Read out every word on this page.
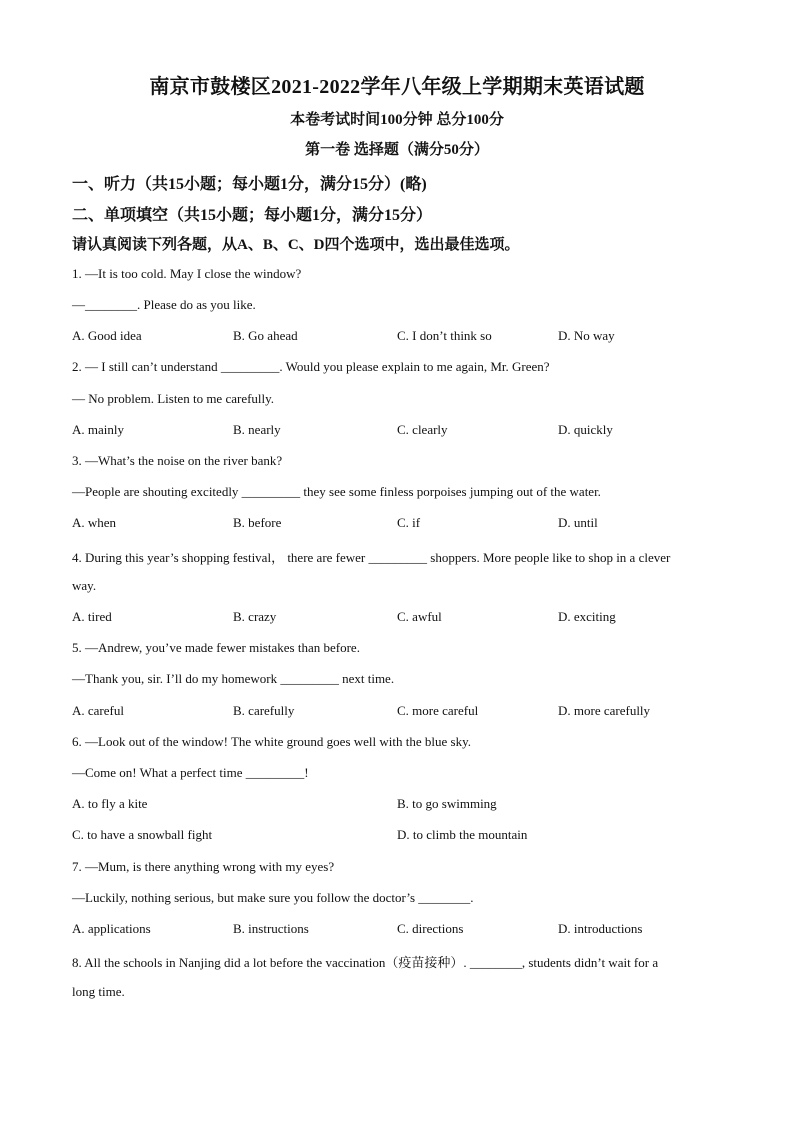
南京市鼓楼区2021-2022学年八年级上学期期末英语试题
本卷考试时间100分钟 总分100分
第一卷 选择题（满分50分）
一、听力（共15小题；每小题1分，满分15分）(略)
二、单项填空（共15小题；每小题1分，满分15分）
请认真阅读下列各题，从A、B、C、D四个选项中，选出最佳选项。
1. —It is too cold. May I close the window?
—________. Please do as you like.
A. Good idea	B. Go ahead	C. I don’t think so	D. No way
2. — I still can’t understand _________. Would you please explain to me again, Mr. Green?
— No problem. Listen to me carefully.
A. mainly	B. nearly	C. clearly	D. quickly
3. —What’s the noise on the river bank?
—People are shouting excitedly _________ they see some finless porpoises jumping out of the water.
A. when	B. before	C. if	D. until
4. During this year’s shopping festival， there are fewer _________ shoppers. More people like to shop in a clever
way.
A. tired	B. crazy	C. awful	D. exciting
5. —Andrew, you’ve made fewer mistakes than before.
—Thank you, sir. I’ll do my homework _________ next time.
A. careful	B. carefully	C. more careful	D. more carefully
6. —Look out of the window! The white ground goes well with the blue sky.
—Come on! What a perfect time _________!
A. to fly a kite	B. to go swimming
C. to have a snowball fight	D. to climb the mountain
7. —Mum, is there anything wrong with my eyes?
—Luckily, nothing serious, but make sure you follow the doctor’s ________.
A. applications	B. instructions	C. directions	D. introductions
8. All the schools in Nanjing did a lot before the vaccination（疫苗接种）. ________, students didn’t wait for a
long time.
